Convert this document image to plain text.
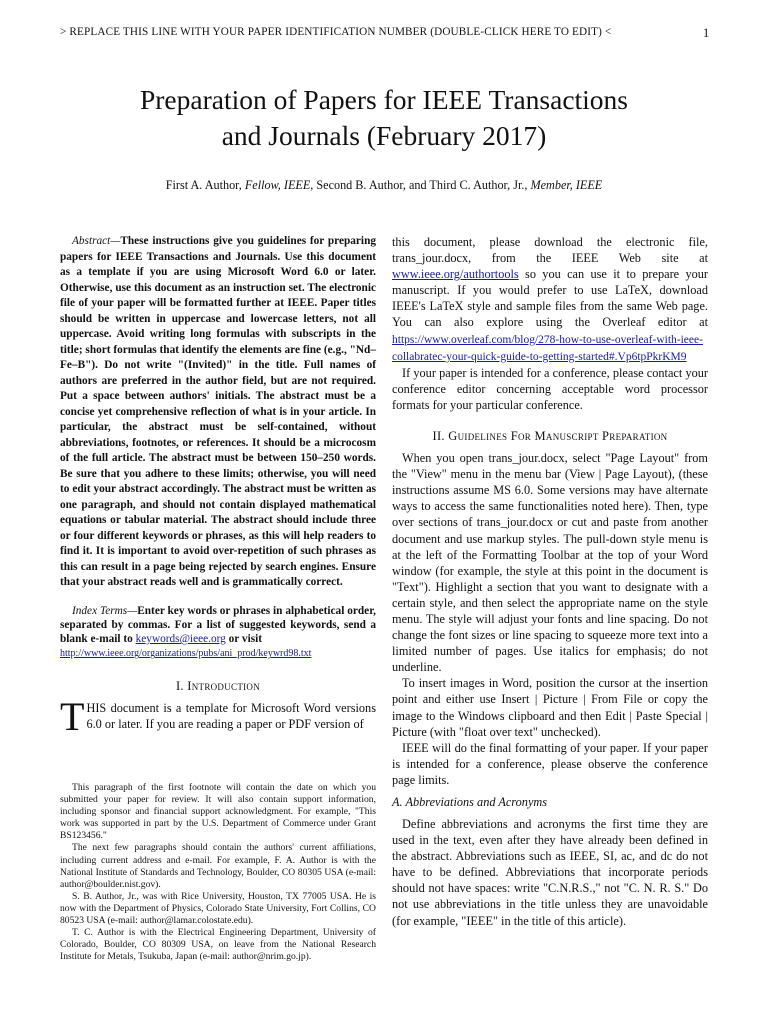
> REPLACE THIS LINE WITH YOUR PAPER IDENTIFICATION NUMBER (DOUBLE-CLICK HERE TO EDIT) <	1
Preparation of Papers for IEEE Transactions
and Journals (February 2017)
First A. Author, Fellow, IEEE, Second B. Author, and Third C. Author, Jr., Member, IEEE

Abstract—These instructions give you guidelines for preparing papers for IEEE Transactions and Journals. Use this document as a template if you are using Microsoft Word 6.0 or later. Otherwise, use this document as an instruction set. The electronic file of your paper will be formatted further at IEEE. Paper titles should be written in uppercase and lowercase letters, not all uppercase. Avoid writing long formulas with subscripts in the title; short formulas that identify the elements are fine (e.g., "Nd–Fe–B"). Do not write "(Invited)" in the title. Full names of authors are preferred in the author field, but are not required. Put a space between authors' initials. The abstract must be a concise yet comprehensive reflection of what is in your article. In particular, the abstract must be self-contained, without abbreviations, footnotes, or references. It should be a microcosm of the full article. The abstract must be between 150–250 words. Be sure that you adhere to these limits; otherwise, you will need to edit your abstract accordingly. The abstract must be written as one paragraph, and should not contain displayed mathematical equations or tabular material. The abstract should include three or four different keywords or phrases, as this will help readers to find it. It is important to avoid over-repetition of such phrases as this can result in a page being rejected by search engines. Ensure that your abstract reads well and is grammatically correct.

Index Terms—Enter key words or phrases in alphabetical order, separated by commas. For a list of suggested keywords, send a blank e-mail to keywords@ieee.org or visit
http://www.ieee.org/organizations/pubs/ani_prod/keywrd98.txt

I. Introduction

THIS document is a template for Microsoft Word versions 6.0 or later. If you are reading a paper or PDF version of

This paragraph of the first footnote will contain the date on which you submitted your paper for review. It will also contain support information, including sponsor and financial support acknowledgment. For example, "This work was supported in part by the U.S. Department of Commerce under Grant BS123456."

The next few paragraphs should contain the authors' current affiliations, including current address and e-mail. For example, F. A. Author is with the National Institute of Standards and Technology, Boulder, CO 80305 USA (e-mail: author@boulder.nist.gov).

S. B. Author, Jr., was with Rice University, Houston, TX 77005 USA. He is now with the Department of Physics, Colorado State University, Fort Collins, CO 80523 USA (e-mail: author@lamar.colostate.edu).

T. C. Author is with the Electrical Engineering Department, University of Colorado, Boulder, CO 80309 USA, on leave from the National Research Institute for Metals, Tsukuba, Japan (e-mail: author@nrim.go.jp).

this document, please download the electronic file, trans_jour.docx, from the IEEE Web site at www.ieee.org/authortools so you can use it to prepare your manuscript. If you would prefer to use LaTeX, download IEEE's LaTeX style and sample files from the same Web page. You can also explore using the Overleaf editor at https://www.overleaf.com/blog/278-how-to-use-overleaf-with-ieee-collabratec-your-quick-guide-to-getting-started#.Vp6tpPkrKM9

If your paper is intended for a conference, please contact your conference editor concerning acceptable word processor formats for your particular conference.

II. Guidelines For Manuscript Preparation

When you open trans_jour.docx, select "Page Layout" from the "View" menu in the menu bar (View | Page Layout), (these instructions assume MS 6.0. Some versions may have alternate ways to access the same functionalities noted here). Then, type over sections of trans_jour.docx or cut and paste from another document and use markup styles. The pull-down style menu is at the left of the Formatting Toolbar at the top of your Word window (for example, the style at this point in the document is "Text"). Highlight a section that you want to designate with a certain style, and then select the appropriate name on the style menu. The style will adjust your fonts and line spacing. Do not change the font sizes or line spacing to squeeze more text into a limited number of pages. Use italics for emphasis; do not underline.

To insert images in Word, position the cursor at the insertion point and either use Insert | Picture | From File or copy the image to the Windows clipboard and then Edit | Paste Special | Picture (with "float over text" unchecked).

IEEE will do the final formatting of your paper. If your paper is intended for a conference, please observe the conference page limits.

A. Abbreviations and Acronyms

Define abbreviations and acronyms the first time they are used in the text, even after they have already been defined in the abstract. Abbreviations such as IEEE, SI, ac, and dc do not have to be defined. Abbreviations that incorporate periods should not have spaces: write "C.N.R.S.," not "C. N. R. S." Do not use abbreviations in the title unless they are unavoidable (for example, "IEEE" in the title of this article).
